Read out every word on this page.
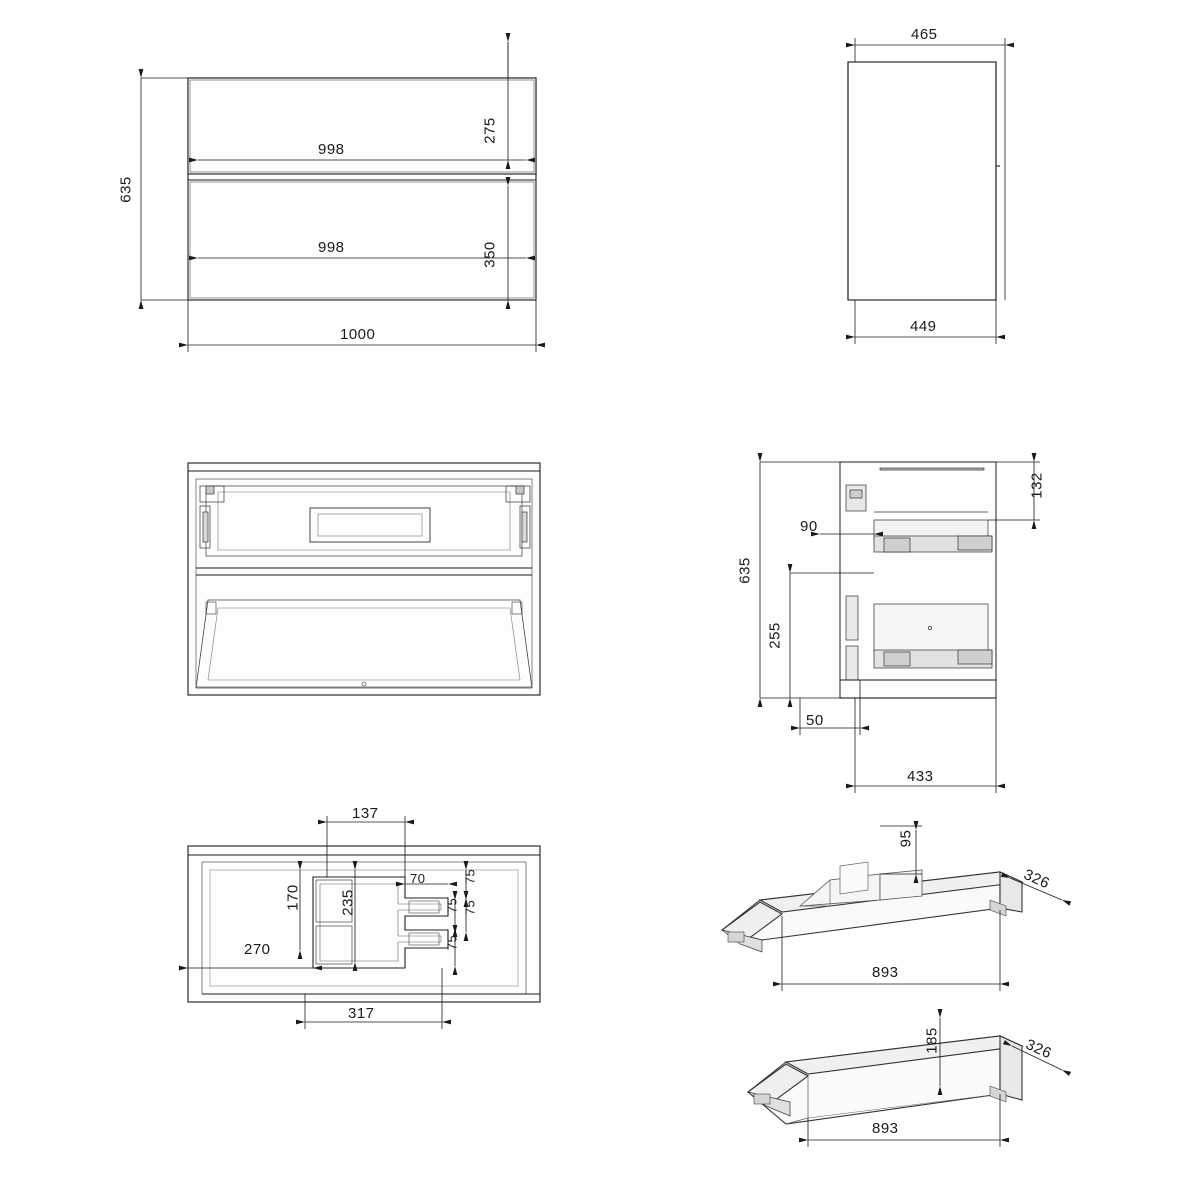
635
275
350
998
998
1000
465
449
635
255
132
90
50
433
137
170	235
270
70	75
75 75
75
317
95
326
893
185	326
893
